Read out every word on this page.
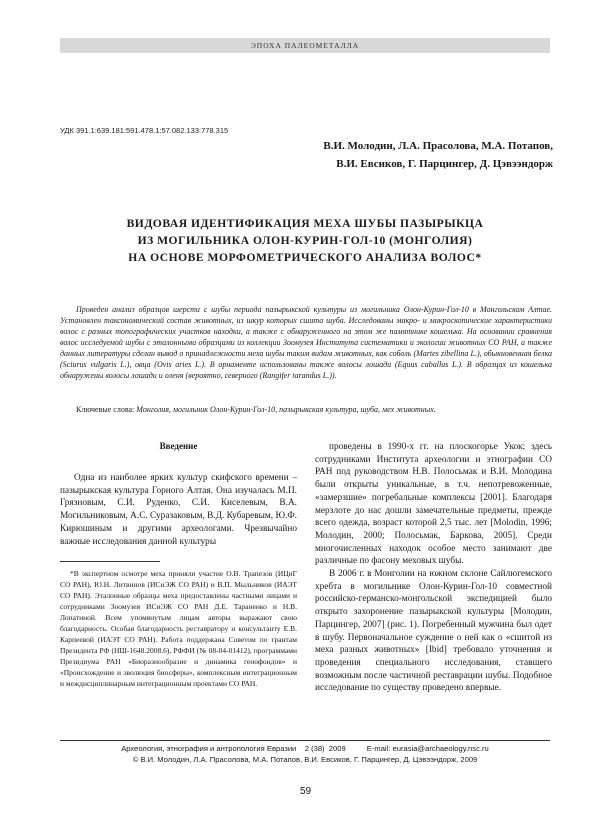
ЭПОХА ПАЛЕОМЕТАЛЛА
УДК 391.1:639.181:591.478.1:57.082.133:778.315
В.И. Молодин, Л.А. Прасолова, М.А. Потапов,
В.И. Евсиков, Г. Парцингер, Д. Цэвээндорж
ВИДОВАЯ ИДЕНТИФИКАЦИЯ МЕХА ШУБЫ ПАЗЫРЫКЦА
ИЗ МОГИЛЬНИКА ОЛОН-КУРИН-ГОЛ-10 (МОНГОЛИЯ)
НА ОСНОВЕ МОРФОМЕТРИЧЕСКОГО АНАЛИЗА ВОЛОС*
Проведен анализ образцов шерсти с шубы периода пазырыкской культуры из могильника Олон-Курин-Гол-10 в Монгольском Алтае. Установлен таксономический состав животных, из шкур которых сшита шуба. Исследованы макро- и микроскопические характеристики волос с разных топографических участков находки, а также с обнаруженного на этом же памятнике кошелька. На основании сравнения волос исследуемой шубы с эталонными образцами из коллекции Зоомузея Института систематики и экологии животных СО РАН, а также данных литературы сделан вывод о принадлежности меха шубы таким видам животных, как соболь (Martes zibellina L.), обыкновенная белка (Sciurus vulgaris L.), овца (Ovis aries L.). В орнаменте использованы также волосы лошади (Equus caballus L.). В образцах из кошелька обнаружены волосы лошади и оленя (вероятно, северного (Rangifer tarandus L.)).
Ключевые слова: Монголия, могильник Олон-Курин-Гол-10, пазырыкская культура, шуба, мех животных.
Введение

Одна из наиболее ярких культур скифского времени – пазырыкская культура Горного Алтая. Она изучалась М.П. Грязновым, С.И. Руденко, С.И. Киселевым, В.А. Могильниковым, А.С. Суразаковым, В.Д. Кубаревым, Ю.Ф. Кирюшиным и другими археологами. Чрезвычайно важные исследования данной культуры

*В экспертном осмотре меха приняли участие О.В. Трапезов (ИЦиГ СО РАН), Ю.Н. Литвинов (ИСиЭЖ СО РАН) и В.П. Мыльников (ИАЭТ СО РАН). Эталонные образцы меха предоставлены частными лицами и сотрудниками Зоомузея ИСиЭЖ СО РАН Д.Е. Тараненко и Н.В. Лопатиной. Всем упомянутым лицам авторы выражают свою благодарность. Особая благодарность реставратору и консультанту Е.В. Карпеевой (ИАЭТ СО РАН). Работа поддержана Советом по грантам Президента РФ (НШ-1648.2008.6), РФФИ (№ 08-04-01412), программами Президиума РАН «Биоразнообразие и динамика генофондов» и «Происхождение и эволюция биосферы», комплексным интеграционным и междисциплинарным интеграционным проектами СО РАН.

проведены в 1990-х гг. на плоскогорье Укок; здесь сотрудниками Института археологии и этнографии СО РАН под руководством Н.В. Полосьмак и В.И. Молодина были открыты уникальные, в т.ч. непотревоженные, «замерзшие» погребальные комплексы [2001]. Благодаря мерзлоте до нас дошли замечательные предметы, прежде всего одежда, возраст которой 2,5 тыс. лет [Molodin, 1996; Молодин, 2000; Полосьмак, Баркова, 2005]. Среди многочисленных находок особое место занимают две различные по фасону меховых шубы.

В 2006 г. в Монголии на южном склоне Сайлюгемского хребта в могильнике Олон-Курин-Гол-10 совместной российско-германско-монгольской экспедицией было открыто захоронение пазырыкской культуры [Молодин, Парцингер, 2007] (рис. 1). Погребенный мужчина был одет в шубу. Первоначальное суждение о ней как о «сшитой из меха разных животных» [Ibid] требовало уточнения и проведения специального исследования, ставшего возможным после частичной реставрации шубы. Подобное исследование по существу проведено впервые.

Археология, этнография и антропология Евразии    2 (38)  2009          E-mail: eurasia@archaeology.nsc.ru
© В.И. Молодин, Л.А. Прасолова, М.А. Потапов, В.И. Евсиков, Г. Парцингер, Д. Цэвээндорж, 2009
59
